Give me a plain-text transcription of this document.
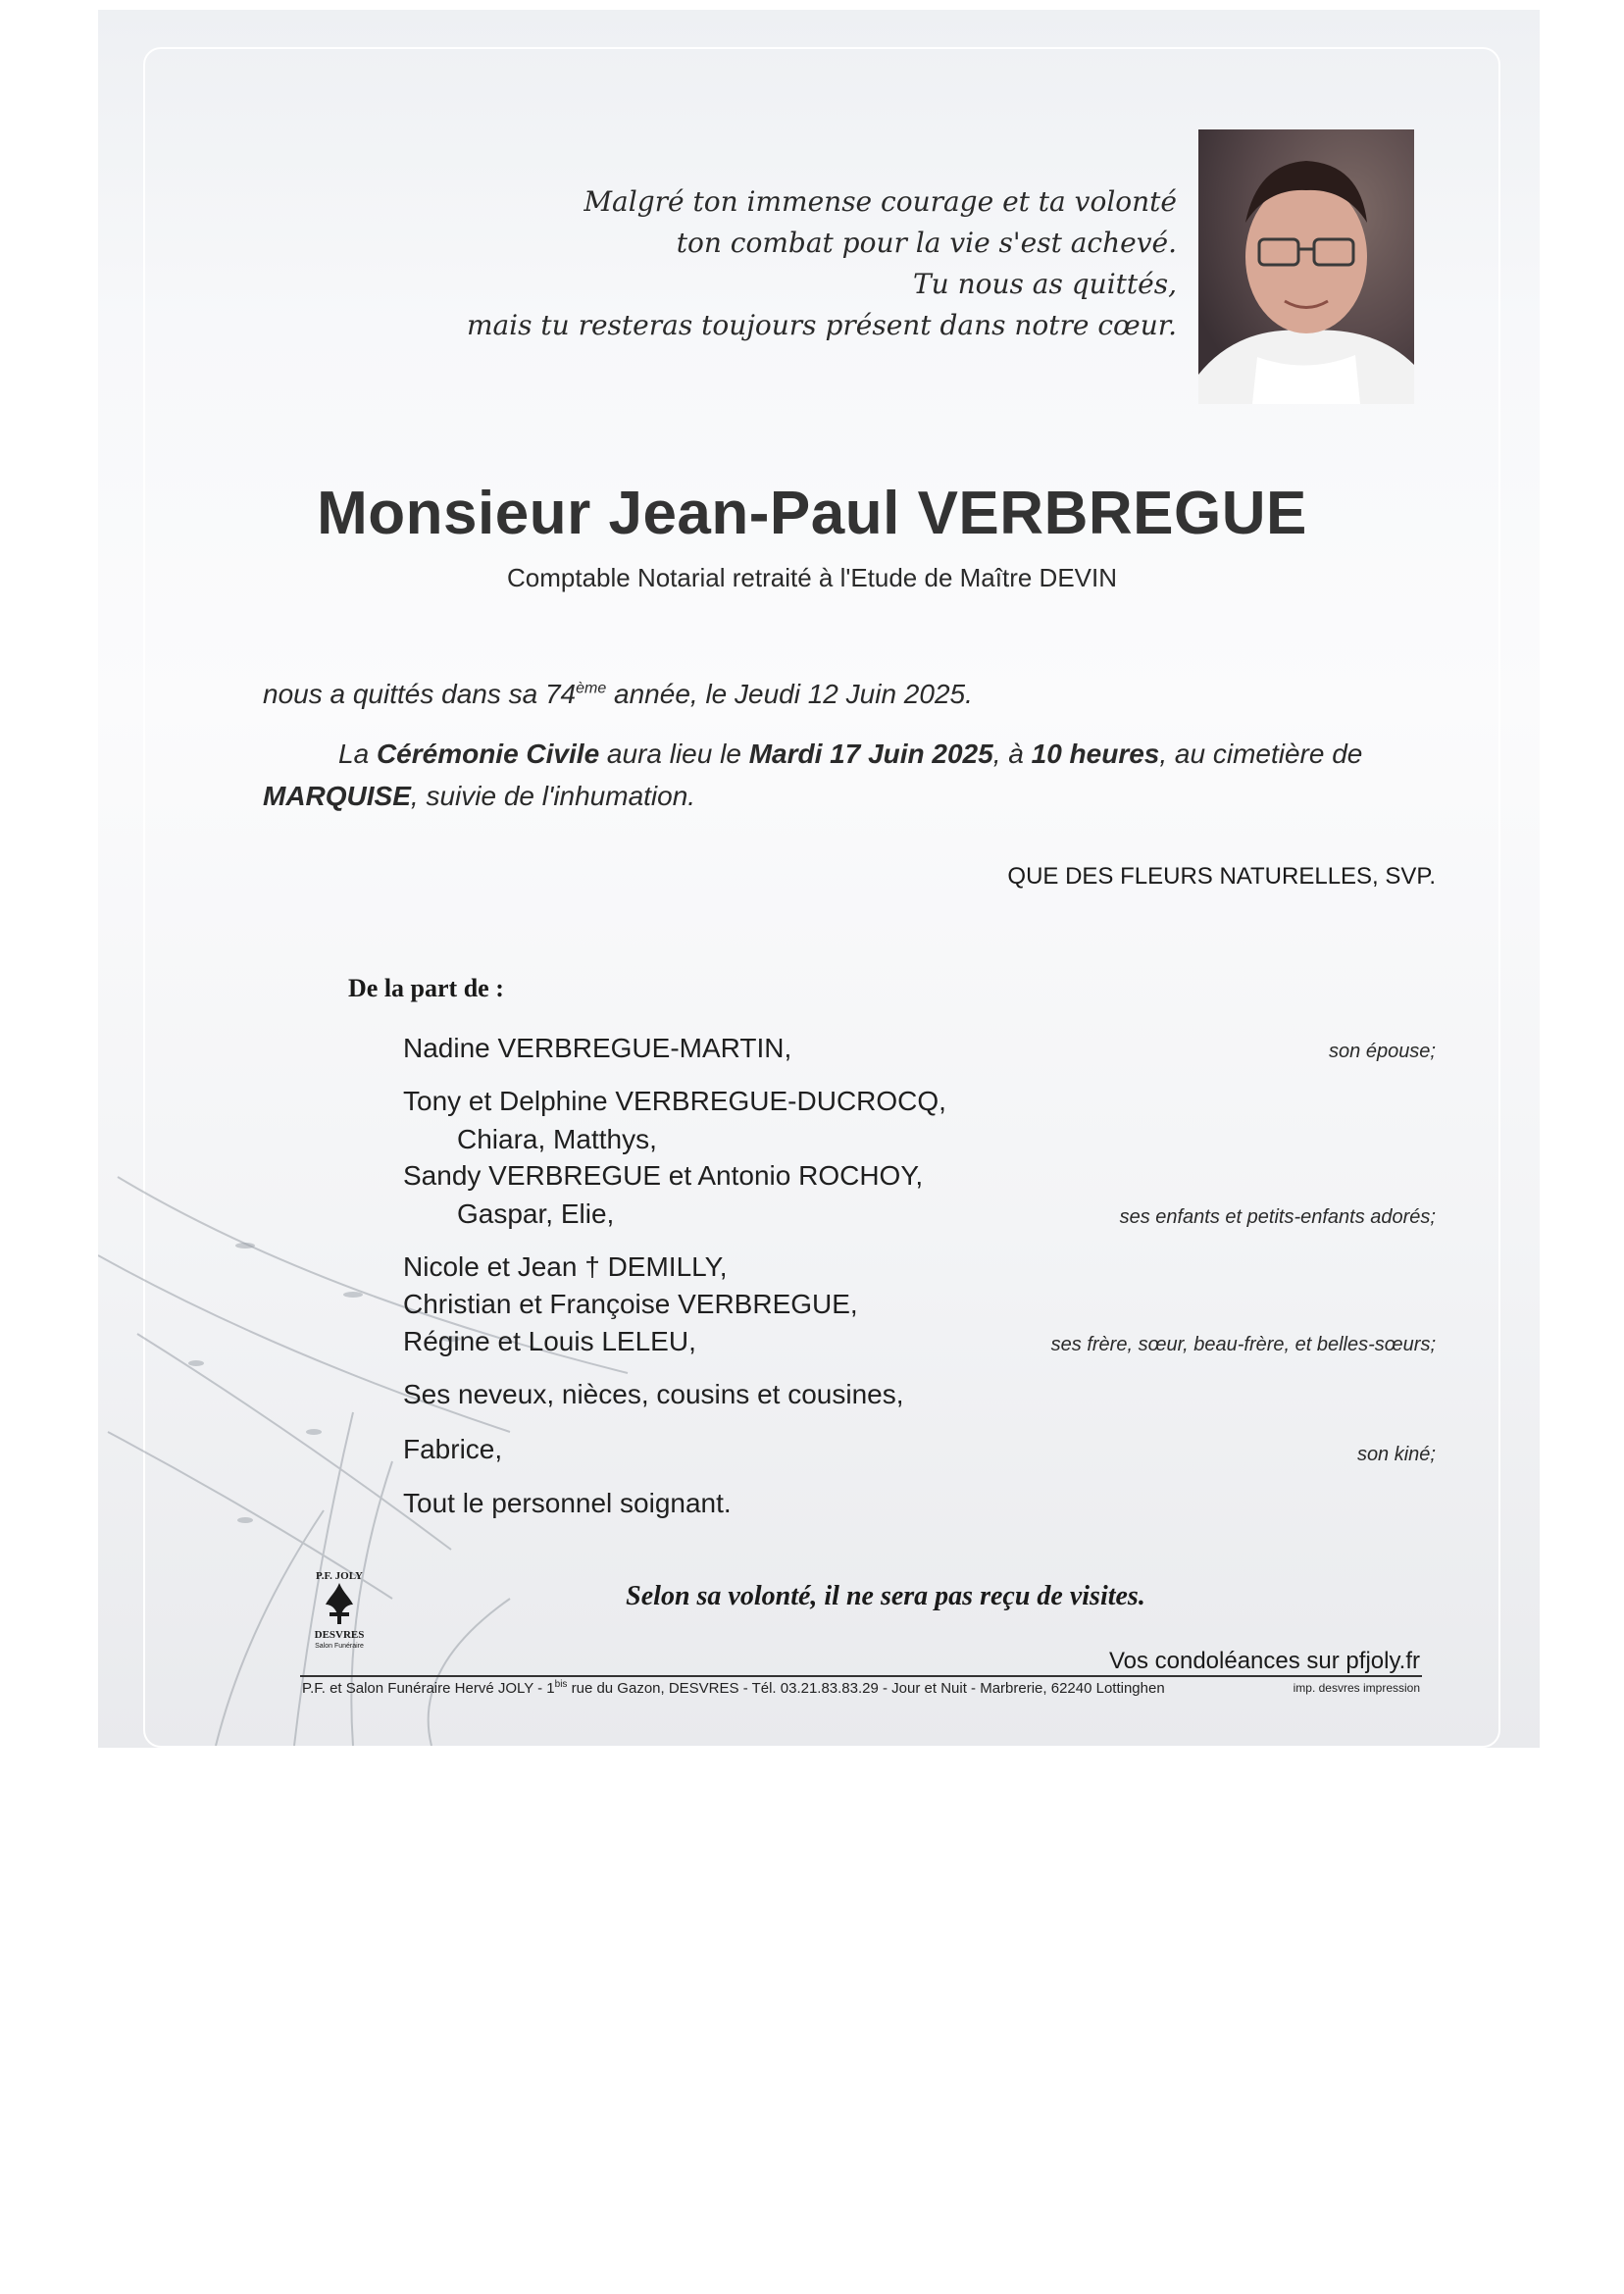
Malgré ton immense courage et ta volonté
ton combat pour la vie s'est achevé.
Tu nous as quittés,
mais tu resteras toujours présent dans notre cœur.
Monsieur Jean-Paul VERBREGUE
Comptable Notarial retraité à l'Etude de Maître DEVIN
nous a quittés dans sa 74ème année, le Jeudi 12 Juin 2025.
La Cérémonie Civile aura lieu le Mardi 17 Juin 2025, à 10 heures, au cimetière de
MARQUISE, suivie de l'inhumation.
QUE DES FLEURS NATURELLES, SVP.
De la part de :
Nadine VERBREGUE-MARTIN,
Tony et Delphine VERBREGUE-DUCROCQ,
Chiara, Matthys,
Sandy VERBREGUE et Antonio ROCHOY,
Gaspar, Elie,
Nicole et Jean † DEMILLY,
Christian et Françoise VERBREGUE,
Régine et Louis LELEU,
Ses neveux, nièces, cousins et cousines,
Fabrice,
Tout le personnel soignant.
son épouse;
ses enfants et petits-enfants adorés;
ses frère, sœur, beau-frère, et belles-sœurs;
son kiné;
Selon sa volonté, il ne sera pas reçu de visites.
P.F. JOLY
DESVRES
Salon Funéraire
Vos condoléances sur pfjoly.fr
P.F. et Salon Funéraire Hervé JOLY - $1^{bis}$ rue du Gazon, DESVRES - Tél. 03.21.83.83.29 - Jour et Nuit - Marbrerie, 62240 Lottinghen	imp. desvres impression
